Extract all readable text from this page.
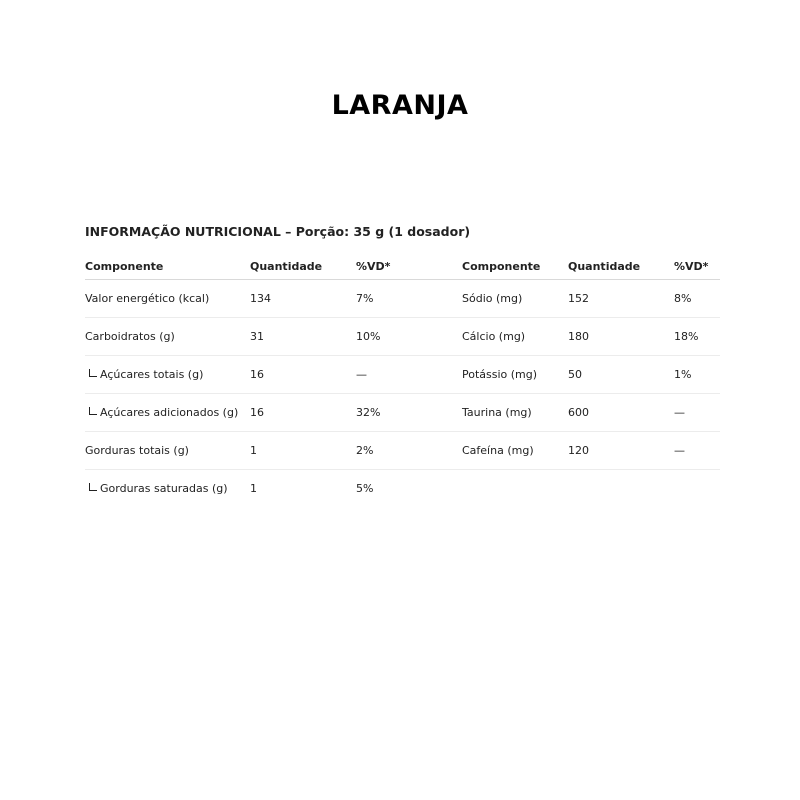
LARANJA
INFORMAÇÃO NUTRICIONAL – Porção: 35 g (1 dosador)
Componente	Quantidade	%VD*	Componente	Quantidade	%VD*
Valor energético (kcal)	134	7%	Sódio (mg)	152	8%
Carboidratos (g)	31	10%	Cálcio (mg)	180	18%
Açúcares totais (g)	16	—	Potássio (mg)	50	1%
Açúcares adicionados (g)	16	32%	Taurina (mg)	600	—
Gorduras totais (g)	1	2%	Cafeína (mg)	120	—
Gorduras saturadas (g)	1	5%			
